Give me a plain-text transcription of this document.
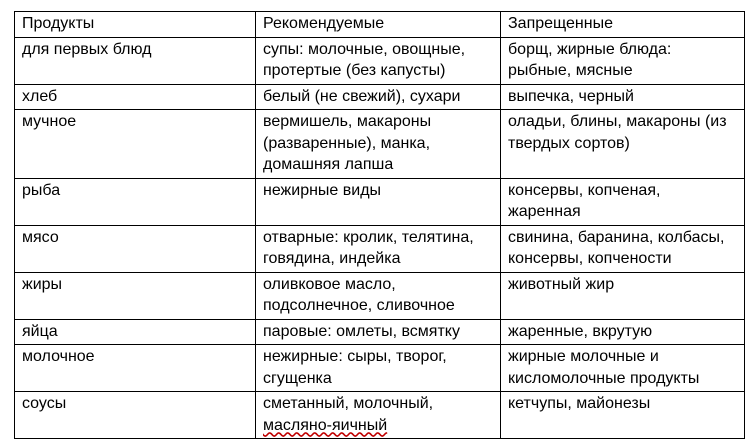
Продукты	Рекомендуемые	Запрещенные
для первых блюд	супы: молочные, овощные, протертые (без капусты)	борщ, жирные блюда: рыбные, мясные
хлеб	белый (не свежий), сухари	выпечка, черный
мучное	вермишель, макароны (разваренные), манка, домашняя лапша	оладьи, блины, макароны (из твердых сортов)
рыба	нежирные виды	консервы, копченая, жаренная
мясо	отварные: кролик, телятина, говядина, индейка	свинина, баранина, колбасы, консервы, копчености
жиры	оливковое масло, подсолнечное, сливочное	животный жир
яйца	паровые: омлеты, всмятку	жаренные, вкрутую
молочное	нежирные: сыры, творог, сгущенка	жирные молочные и кисломолочные продукты
соусы	сметанный, молочный, масляно-яичный	кетчупы, майонезы
